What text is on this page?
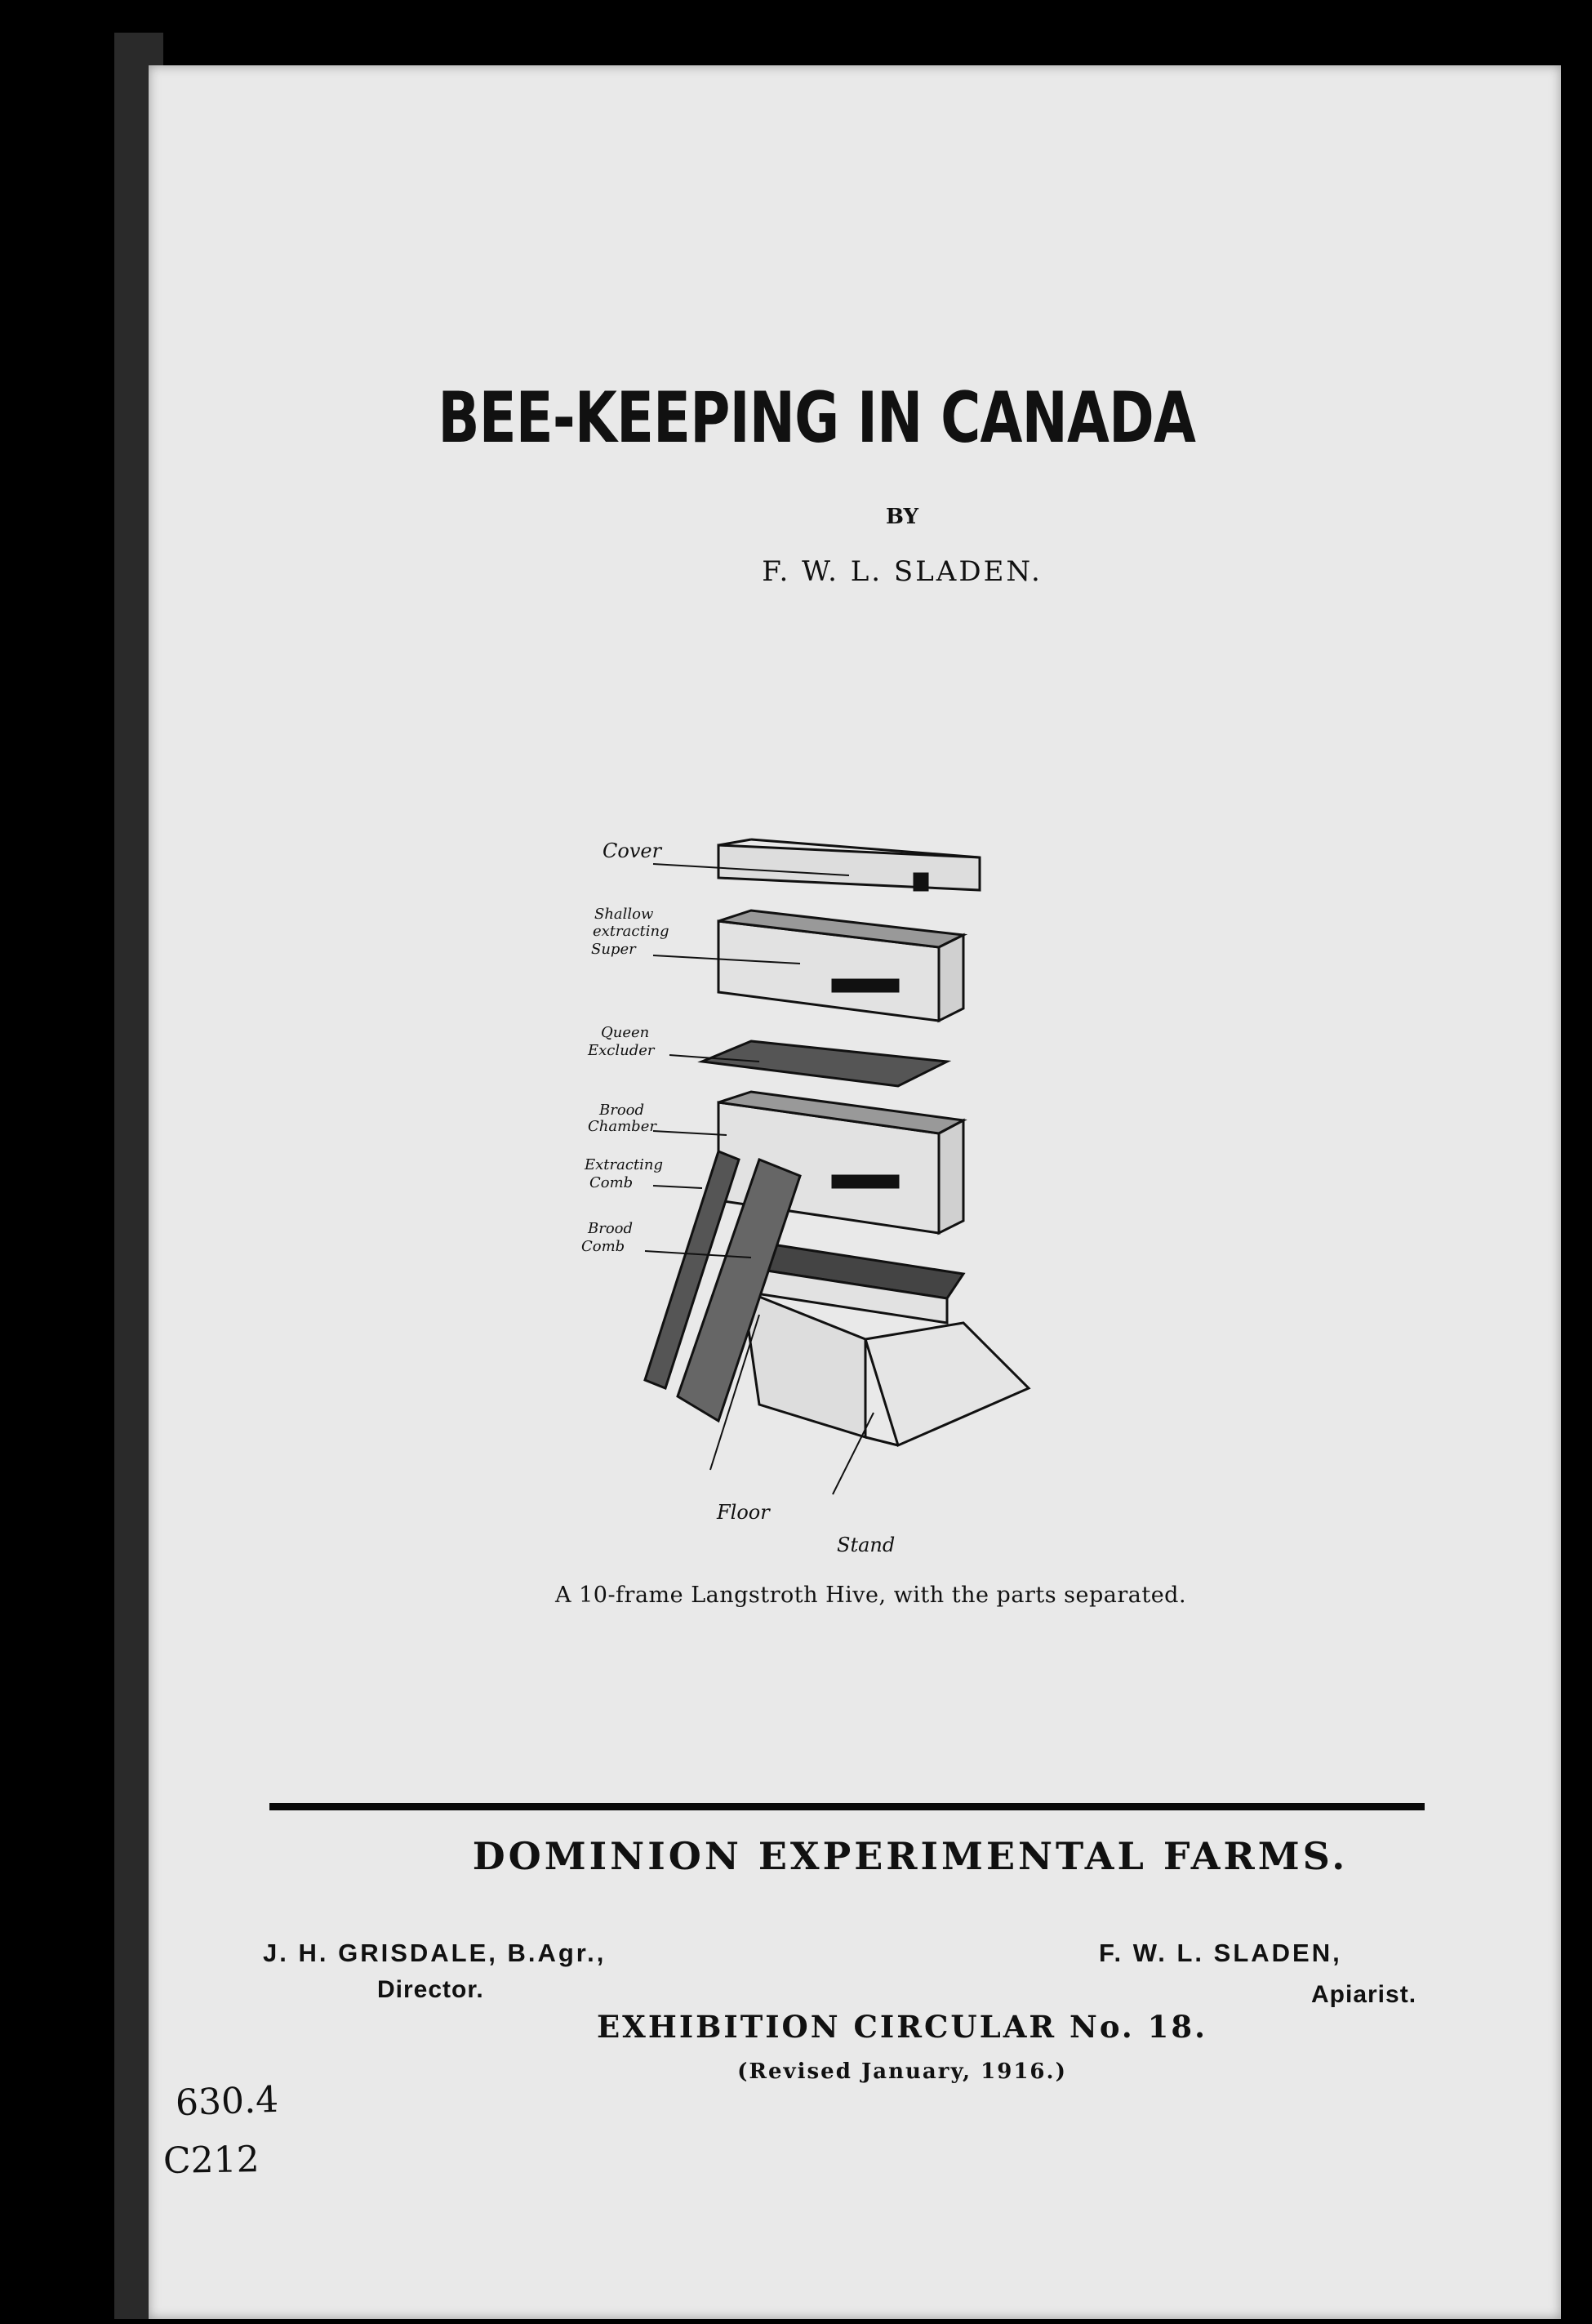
BEE-KEEPING IN CANADA
BY
F. W. L. SLADEN.
Cover
Shallow
extracting
Super
Queen
Excluder
Brood
Chamber
Extracting
Comb
Brood
Comb
Floor
Stand
A 10-frame Langstroth Hive, with the parts separated.
DOMINION EXPERIMENTAL FARMS.
J. H. GRISDALE, B.Agr.,
Director.
F. W. L. SLADEN,
Apiarist.
EXHIBITION CIRCULAR No. 18.
(Revised January, 1916.)
630.4
C212
